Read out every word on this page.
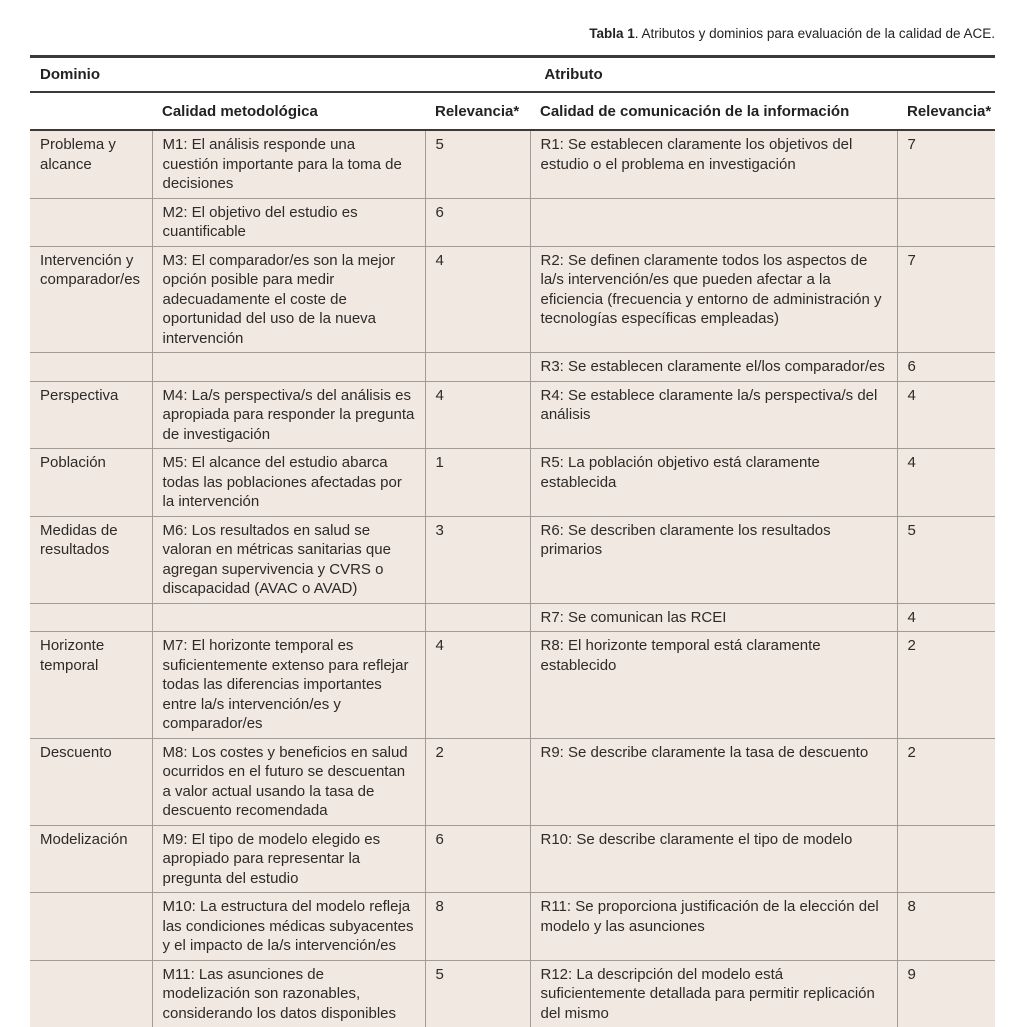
Tabla 1. Atributos y dominios para evaluación de la calidad de ACE.
Dominio	Atributo			
	Calidad metodológica	Relevancia*	Calidad de comunicación de la información	Relevancia*
Problema y alcance	M1: El análisis responde una cuestión importante para la toma de decisiones	5	R1: Se establecen claramente los objetivos del estudio o el problema en investigación	7
	M2: El objetivo del estudio es cuantificable	6		
Intervención y comparador/es	M3: El comparador/es son la mejor opción posible para medir adecuadamente el coste de oportunidad del uso de la nueva intervención	4	R2: Se definen claramente todos los aspectos de la/s intervención/es que pueden afectar a la eficiencia (frecuencia y entorno de administración y tecnologías específicas empleadas)	7
			R3: Se establecen claramente el/los comparador/es	6
Perspectiva	M4: La/s perspectiva/s del análisis es apropiada para responder la pregunta de investigación	4	R4: Se establece claramente la/s perspectiva/s del análisis	4
Población	M5: El alcance del estudio abarca todas las poblaciones afectadas por la intervención	1	R5: La población objetivo está claramente establecida	4
Medidas de resultados	M6: Los resultados en salud se valoran en métricas sanitarias que agregan supervivencia y CVRS o discapacidad (AVAC o AVAD)	3	R6: Se describen claramente los resultados primarios	5
			R7: Se comunican las RCEI	4
Horizonte temporal	M7: El horizonte temporal es suficientemente extenso para reflejar todas las diferencias importantes entre la/s intervención/es y comparador/es	4	R8: El horizonte temporal está claramente establecido	2
Descuento	M8: Los costes y beneficios en salud ocurridos en el futuro se descuentan a valor actual usando la tasa de descuento recomendada	2	R9: Se describe claramente la tasa de descuento	2
Modelización	M9: El tipo de modelo elegido es apropiado para representar la pregunta del estudio	6	R10: Se describe claramente el tipo de modelo	
	M10: La estructura del modelo refleja las condiciones médicas subyacentes y el impacto de la/s intervención/es	8	R11: Se proporciona justificación de la elección del modelo y las asunciones	8
	M11: Las asunciones de modelización son razonables, considerando los datos disponibles	5	R12: La descripción del modelo está suficientemente detallada para permitir replicación del mismo	9
